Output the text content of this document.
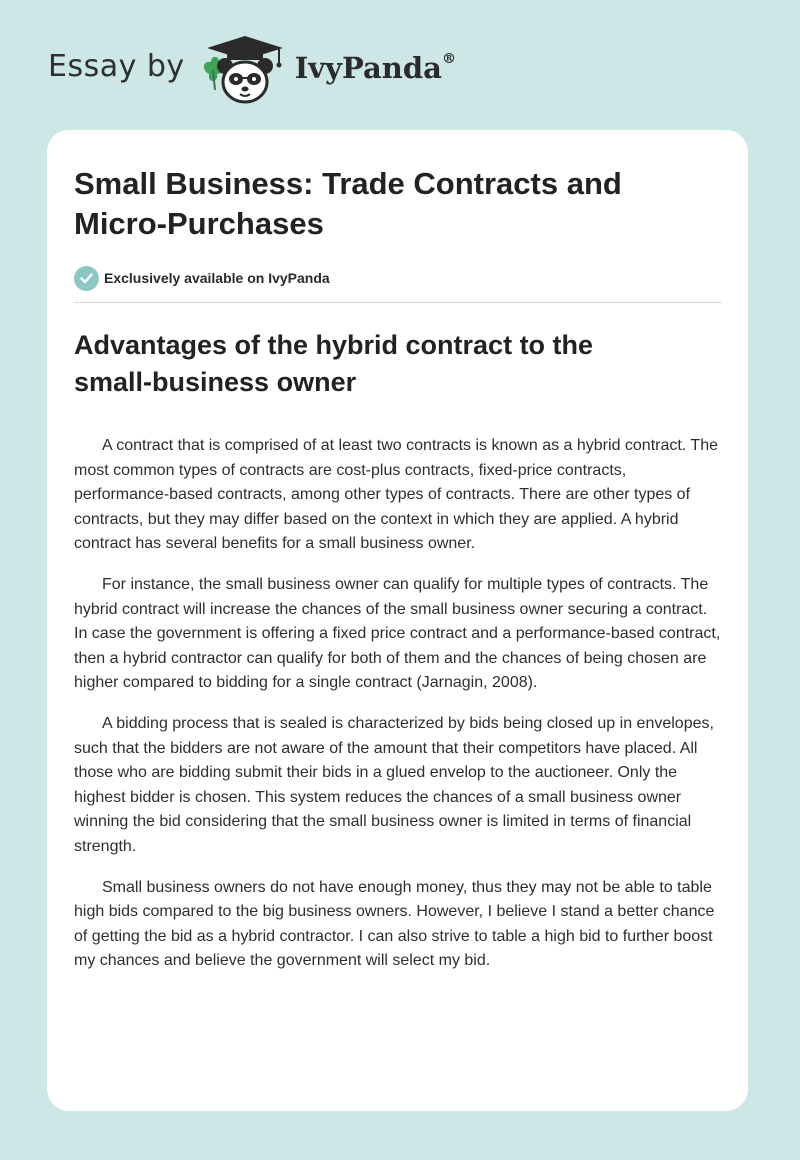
Essay by	IvyPanda®
Small Business: Trade Contracts and Micro-Purchases
Exclusively available on IvyPanda
Advantages of the hybrid contract to the small-business owner

A contract that is comprised of at least two contracts is known as a hybrid contract. The most common types of contracts are cost-plus contracts, fixed-price contracts, performance-based contracts, among other types of contracts. There are other types of contracts, but they may differ based on the context in which they are applied. A hybrid contract has several benefits for a small business owner.

For instance, the small business owner can qualify for multiple types of contracts. The hybrid contract will increase the chances of the small business owner securing a contract. In case the government is offering a fixed price contract and a performance-based contract, then a hybrid contractor can qualify for both of them and the chances of being chosen are higher compared to bidding for a single contract (Jarnagin, 2008).

A bidding process that is sealed is characterized by bids being closed up in envelopes, such that the bidders are not aware of the amount that their competitors have placed. All those who are bidding submit their bids in a glued envelop to the auctioneer. Only the highest bidder is chosen. This system reduces the chances of a small business owner winning the bid considering that the small business owner is limited in terms of financial strength.

Small business owners do not have enough money, thus they may not be able to table high bids compared to the big business owners. However, I believe I stand a better chance of getting the bid as a hybrid contractor. I can also strive to table a high bid to further boost my chances and believe the government will select my bid.
